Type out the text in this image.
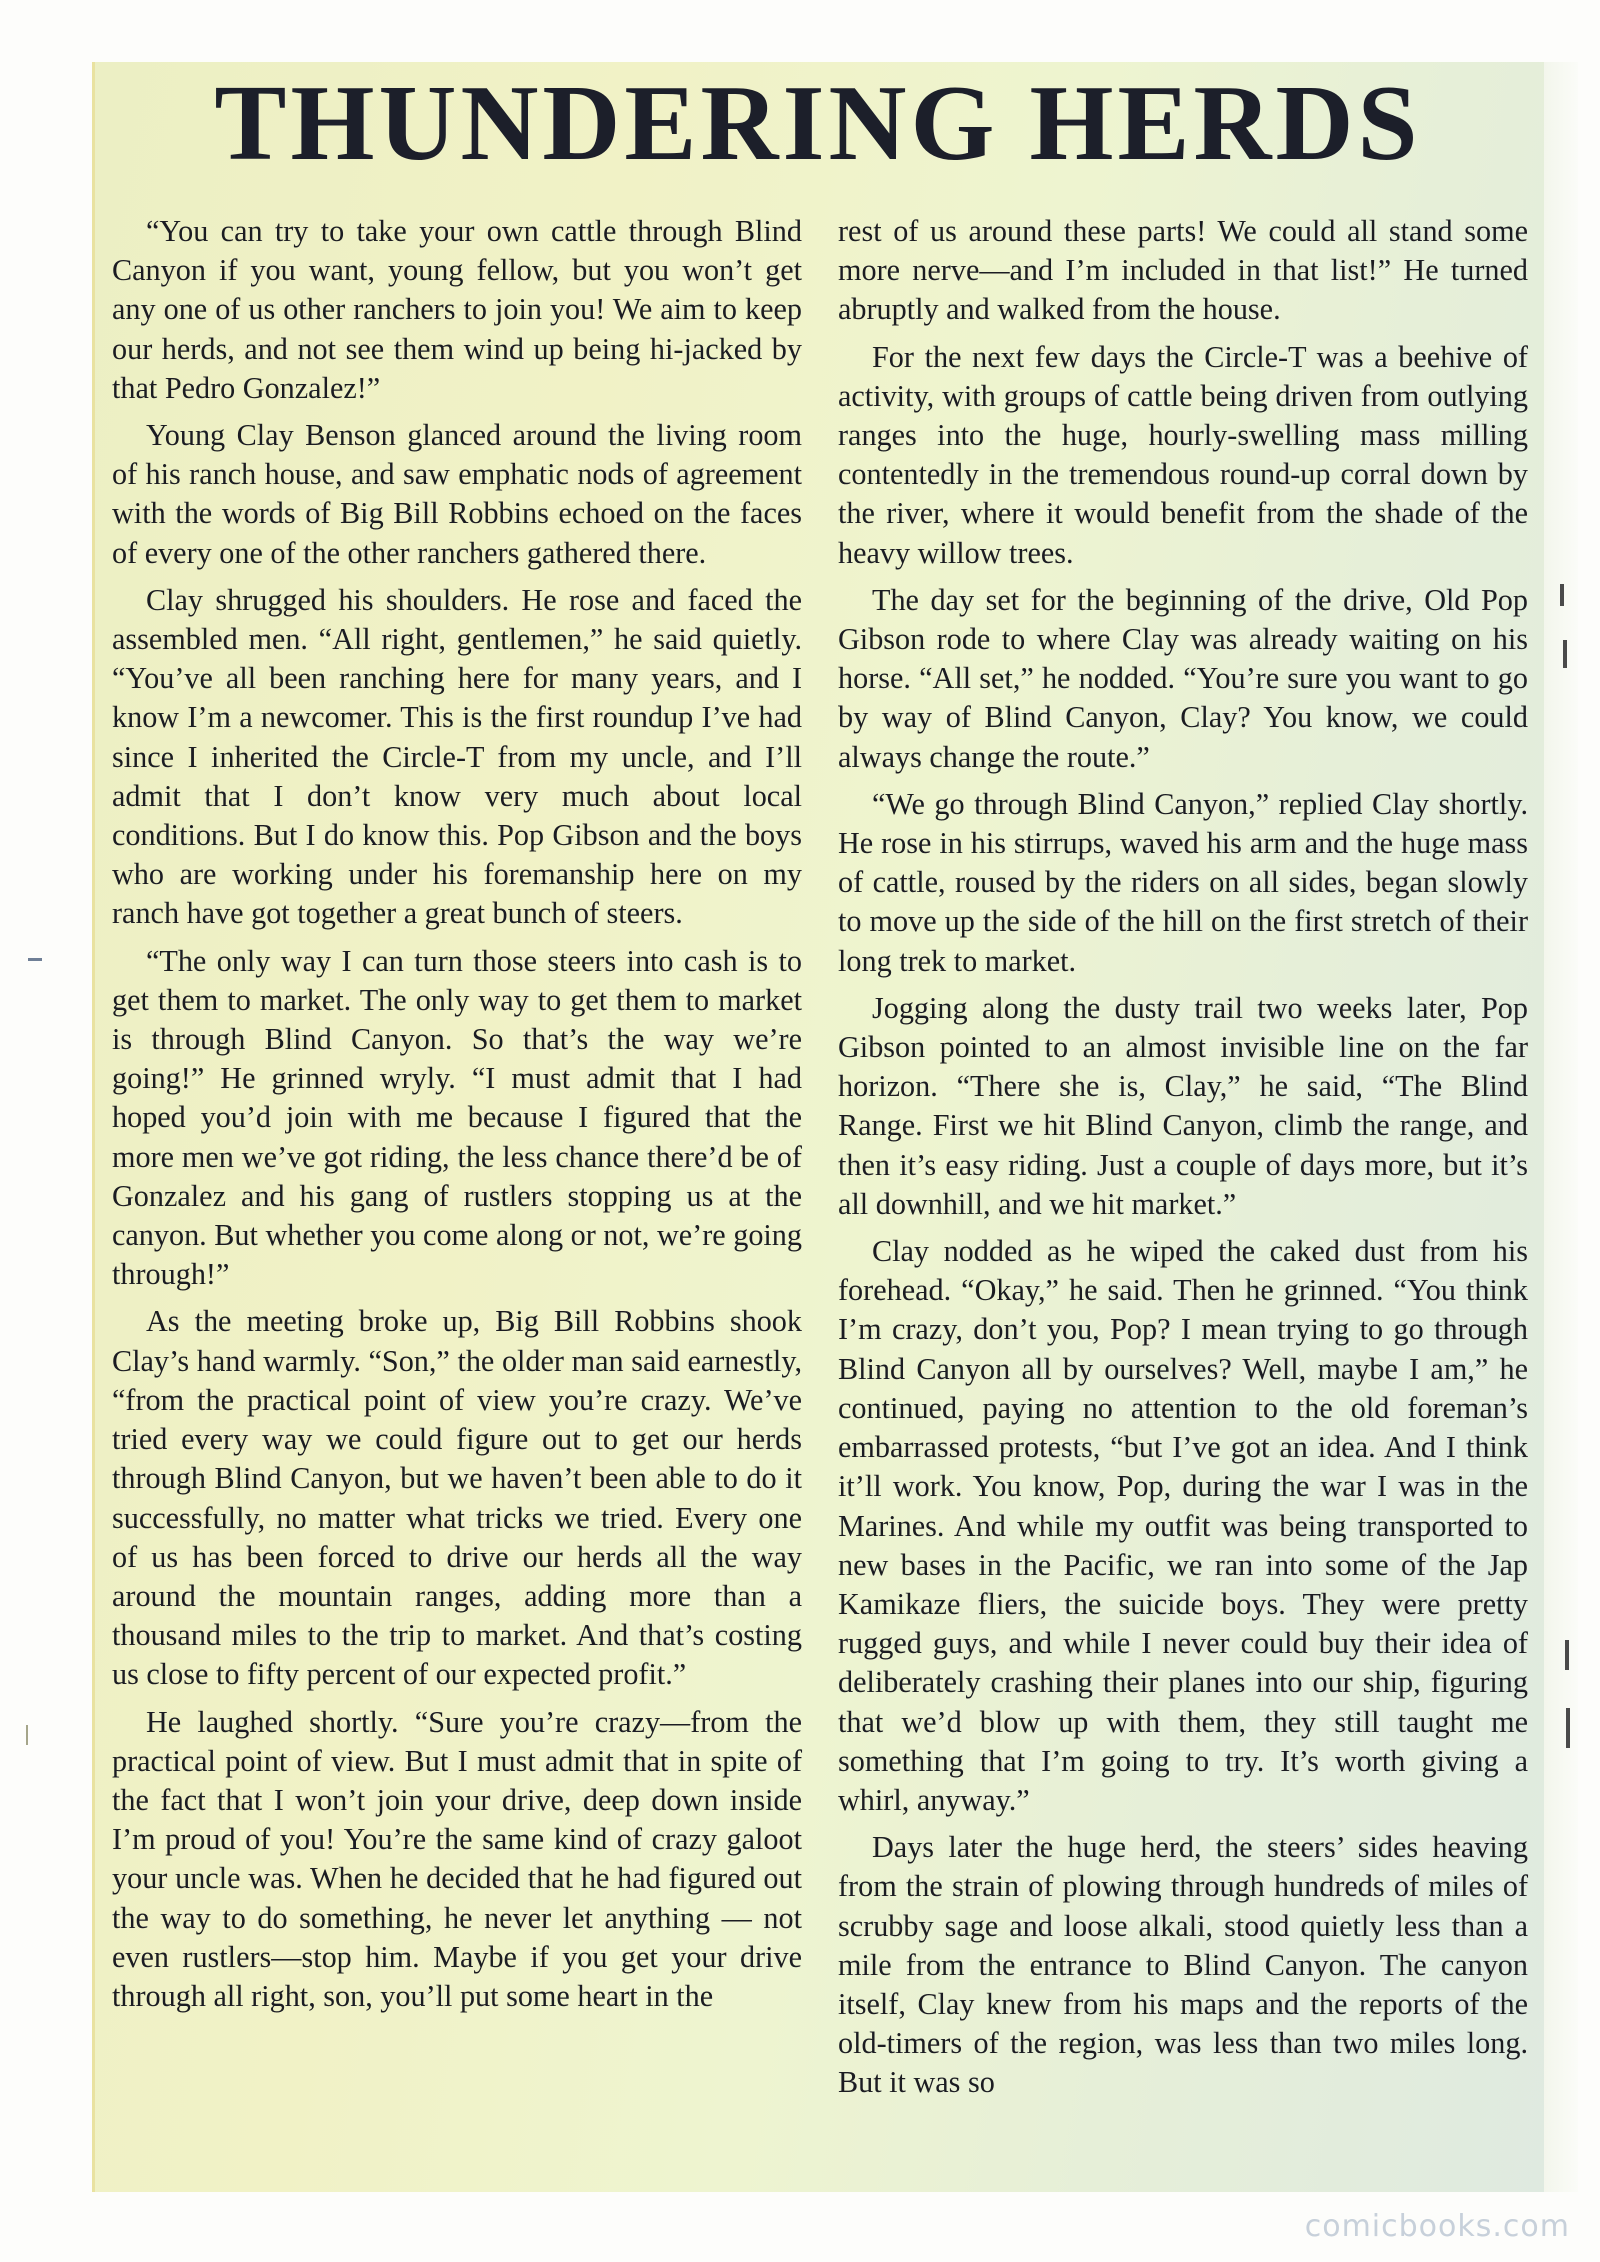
THUNDERING HERDS

“You can try to take your own cattle through Blind Canyon if you want, young fellow, but you won’t get any one of us other ranchers to join you! We aim to keep our herds, and not see them wind up being hi-jacked by that Pedro Gonzalez!”

Young Clay Benson glanced around the living room of his ranch house, and saw emphatic nods of agreement with the words of Big Bill Robbins echoed on the faces of every one of the other ranchers gathered there.

Clay shrugged his shoulders. He rose and faced the assembled men. “All right, gentlemen,” he said quietly. “You’ve all been ranching here for many years, and I know I’m a newcomer. This is the first roundup I’ve had since I inherited the Circle-T from my uncle, and I’ll admit that I don’t know very much about local conditions. But I do know this. Pop Gibson and the boys who are working under his foremanship here on my ranch have got together a great bunch of steers.

“The only way I can turn those steers into cash is to get them to market. The only way to get them to market is through Blind Canyon. So that’s the way we’re going!” He grinned wryly. “I must admit that I had hoped you’d join with me because I figured that the more men we’ve got riding, the less chance there’d be of Gonzalez and his gang of rustlers stopping us at the canyon. But whether you come along or not, we’re going through!”

As the meeting broke up, Big Bill Robbins shook Clay’s hand warmly. “Son,” the older man said earnestly, “from the practical point of view you’re crazy. We’ve tried every way we could figure out to get our herds through Blind Canyon, but we haven’t been able to do it successfully, no matter what tricks we tried. Every one of us has been forced to drive our herds all the way around the mountain ranges, adding more than a thousand miles to the trip to market. And that’s costing us close to fifty percent of our expected profit.”

He laughed shortly. “Sure you’re crazy—from the practical point of view. But I must admit that in spite of the fact that I won’t join your drive, deep down inside I’m proud of you! You’re the same kind of crazy galoot your uncle was. When he decided that he had figured out the way to do something, he never let anything — not even rustlers—stop him. Maybe if you get your drive through all right, son, you’ll put some heart in the

rest of us around these parts! We could all stand some more nerve—and I’m included in that list!” He turned abruptly and walked from the house.

For the next few days the Circle-T was a beehive of activity, with groups of cattle being driven from outlying ranges into the huge, hourly-swelling mass milling contentedly in the tremendous round-up corral down by the river, where it would benefit from the shade of the heavy willow trees.

The day set for the beginning of the drive, Old Pop Gibson rode to where Clay was already waiting on his horse. “All set,” he nodded. “You’re sure you want to go by way of Blind Canyon, Clay? You know, we could always change the route.”

“We go through Blind Canyon,” replied Clay shortly. He rose in his stirrups, waved his arm and the huge mass of cattle, roused by the riders on all sides, began slowly to move up the side of the hill on the first stretch of their long trek to market.

Jogging along the dusty trail two weeks later, Pop Gibson pointed to an almost invisible line on the far horizon. “There she is, Clay,” he said, “The Blind Range. First we hit Blind Canyon, climb the range, and then it’s easy riding. Just a couple of days more, but it’s all downhill, and we hit market.”

Clay nodded as he wiped the caked dust from his forehead. “Okay,” he said. Then he grinned. “You think I’m crazy, don’t you, Pop? I mean trying to go through Blind Canyon all by ourselves? Well, maybe I am,” he continued, paying no attention to the old foreman’s embarrassed protests, “but I’ve got an idea. And I think it’ll work. You know, Pop, during the war I was in the Marines. And while my outfit was being transported to new bases in the Pacific, we ran into some of the Jap Kamikaze fliers, the suicide boys. They were pretty rugged guys, and while I never could buy their idea of deliberately crashing their planes into our ship, figuring that we’d blow up with them, they still taught me something that I’m going to try. It’s worth giving a whirl, anyway.”

Days later the huge herd, the steers’ sides heaving from the strain of plowing through hundreds of miles of scrubby sage and loose alkali, stood quietly less than a mile from the entrance to Blind Canyon. The canyon itself, Clay knew from his maps and the reports of the old-timers of the region, was less than two miles long. But it was so

comicbooks.com
